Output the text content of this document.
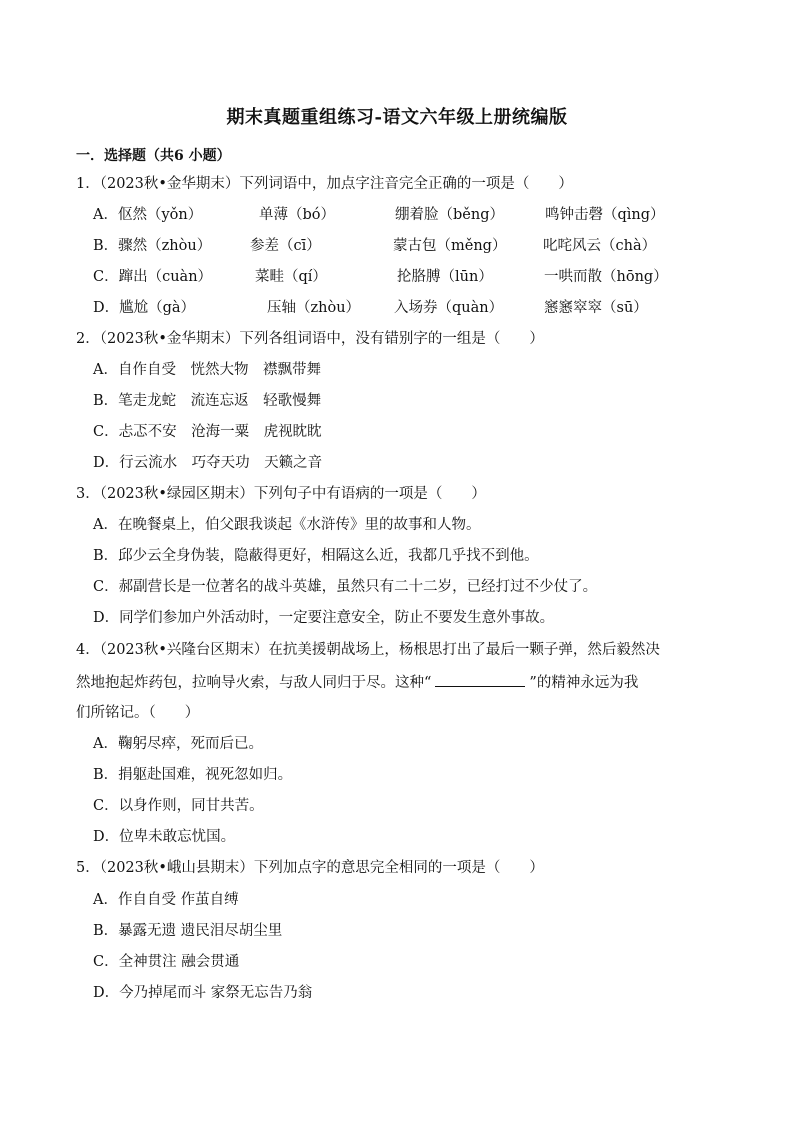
期末真题重组练习-语文六年级上册统编版
一．选择题（共6 小题）
1．（2023秋•金华期末）下列词语中，加点字注音完全正确的一项是（　　）
A．伛然（yǒn）	单薄（bó）	绷着脸（běng）	鸣钟击磬（qìng）
B．骤然（zhòu）	参差（cī）	蒙古包（měng）	叱咤风云（chà）
C．蹿出（cuàn）	菜畦（qí）	抡胳膊（lūn）	一哄而散（hōng）
D．尴尬（gà）	压轴（zhòu）	入场券（quàn）	窸窸窣窣（sū）
2．（2023秋•金华期末）下列各组词语中，没有错别字的一组是（　　）
A．自作自受　恍然大物　襟飘带舞
B．笔走龙蛇　流连忘返　轻歌慢舞
C．忐忑不安　沧海一粟　虎视眈眈
D．行云流水　巧夺天功　天籁之音
3．（2023秋•绿园区期末）下列句子中有语病的一项是（　　）
A．在晚餐桌上，伯父跟我谈起《水浒传》里的故事和人物。
B．邱少云全身伪装，隐蔽得更好，相隔这么近，我都几乎找不到他。
C．郝副营长是一位著名的战斗英雄，虽然只有二十二岁，已经打过不少仗了。
D．同学们参加户外活动时，一定要注意安全，防止不要发生意外事故。
4．（2023秋•兴隆台区期末）在抗美援朝战场上，杨根思打出了最后一颗子弹，然后毅然决
然地抱起炸药包，拉响导火索，与敌人同归于尽。这种“	”的精神永远为我
们所铭记。（　　）
A．鞠躬尽瘁，死而后已。
B．捐躯赴国难，视死忽如归。
C．以身作则，同甘共苦。
D．位卑未敢忘忧国。
5．（2023秋•峨山县期末）下列加点字的意思完全相同的一项是（　　）
A．作自自受 作茧自缚
B．暴露无遗 遗民泪尽胡尘里
C．全神贯注 融会贯通
D．今乃掉尾而斗 家祭无忘告乃翁
